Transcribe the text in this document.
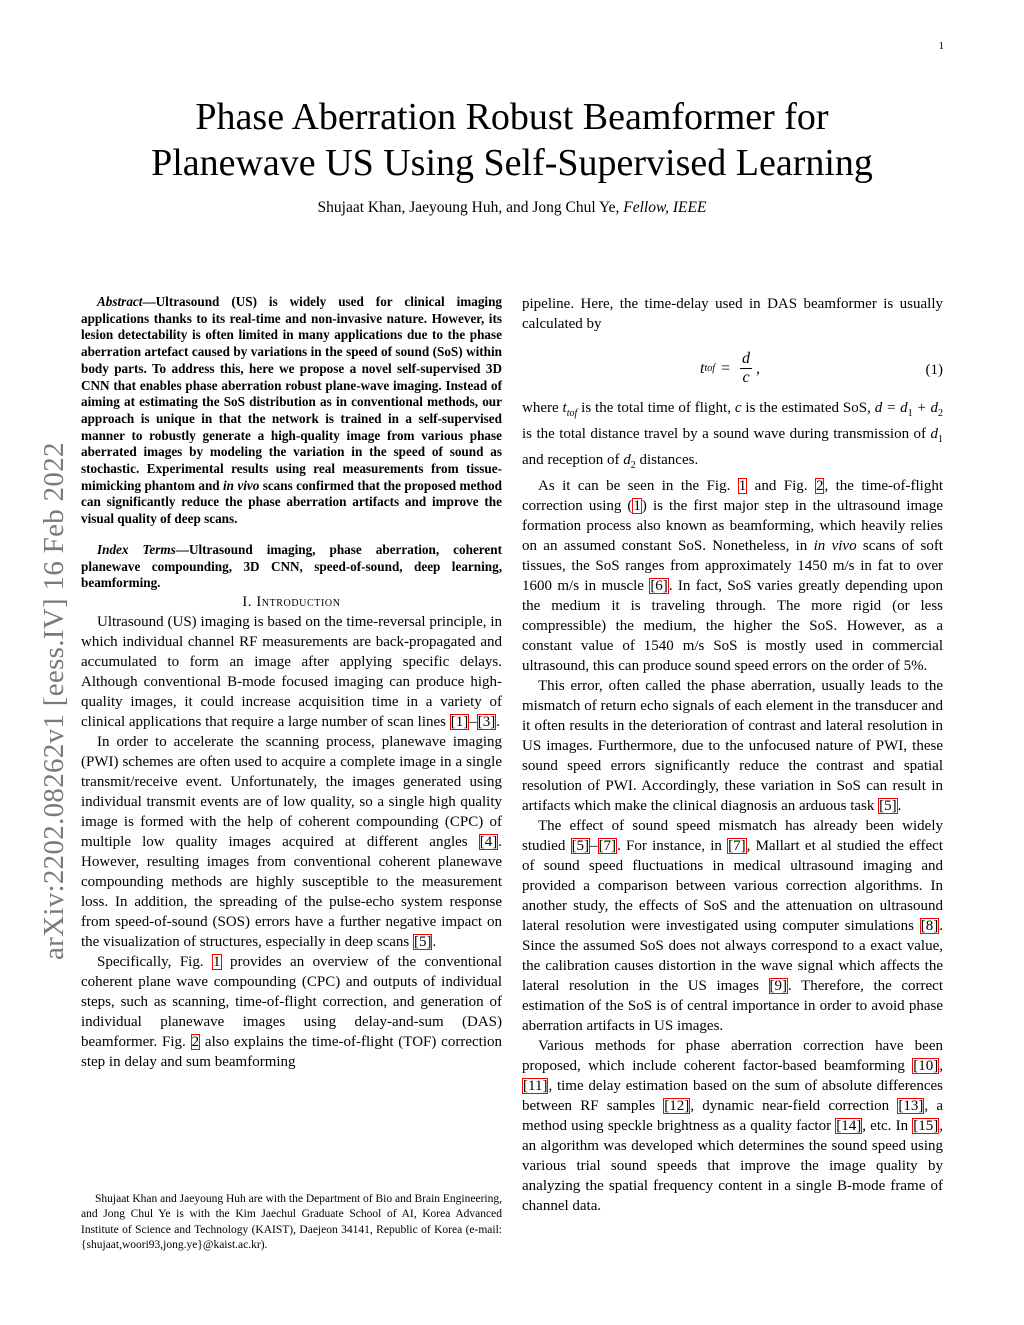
1
arXiv:2202.08262v1 [eess.IV] 16 Feb 2022
Phase Aberration Robust Beamformer for
Planewave US Using Self-Supervised Learning
Shujaat Khan, Jaeyoung Huh, and Jong Chul Ye, Fellow, IEEE

Abstract—Ultrasound (US) is widely used for clinical imaging applications thanks to its real-time and non-invasive nature. However, its lesion detectability is often limited in many applications due to the phase aberration artefact caused by variations in the speed of sound (SoS) within body parts. To address this, here we propose a novel self-supervised 3D CNN that enables phase aberration robust plane-wave imaging. Instead of aiming at estimating the SoS distribution as in conventional methods, our approach is unique in that the network is trained in a self-supervised manner to robustly generate a high-quality image from various phase aberrated images by modeling the variation in the speed of sound as stochastic. Experimental results using real measurements from tissue-mimicking phantom and in vivo scans confirmed that the proposed method can significantly reduce the phase aberration artifacts and improve the visual quality of deep scans.

Index Terms—Ultrasound imaging, phase aberration, coherent planewave compounding, 3D CNN, speed-of-sound, deep learning, beamforming.

I. Introduction

Ultrasound (US) imaging is based on the time-reversal principle, in which individual channel RF measurements are back-propagated and accumulated to form an image after applying specific delays. Although conventional B-mode focused imaging can produce high-quality images, it could increase acquisition time in a variety of clinical applications that require a large number of scan lines [1]–[3].

In order to accelerate the scanning process, planewave imaging (PWI) schemes are often used to acquire a complete image in a single transmit/receive event. Unfortunately, the images generated using individual transmit events are of low quality, so a single high quality image is formed with the help of coherent compounding (CPC) of multiple low quality images acquired at different angles [4]. However, resulting images from conventional coherent planewave compounding methods are highly susceptible to the measurement loss. In addition, the spreading of the pulse-echo system response from speed-of-sound (SOS) errors have a further negative impact on the visualization of structures, especially in deep scans [5].

Specifically, Fig. 1 provides an overview of the conventional coherent plane wave compounding (CPC) and outputs of individual steps, such as scanning, time-of-flight correction, and generation of individual planewave images using delay-and-sum (DAS) beamformer. Fig. 2 also explains the time-of-flight (TOF) correction step in delay and sum beamforming

Shujaat Khan and Jaeyoung Huh are with the Department of Bio and Brain Engineering, and Jong Chul Ye is with the Kim Jaechul Graduate School of AI, Korea Advanced Institute of Science and Technology (KAIST), Daejeon 34141, Republic of Korea (e-mail:{shujaat,woori93,jong.ye}@kaist.ac.kr).

pipeline. Here, the time-delay used in DAS beamformer is usually calculated by

t tof = $\frac{d}{c}$ ,	(1)

where $t_{tof}$ is the total time of flight, c is the estimated SoS, $d = d_1 + d_2$ is the total distance travel by a sound wave during transmission of $d_1$ and reception of $d_2$ distances.

As it can be seen in the Fig. 1 and Fig. 2, the time-of-flight correction using (1) is the first major step in the ultrasound image formation process also known as beamforming, which heavily relies on an assumed constant SoS. Nonetheless, in in vivo scans of soft tissues, the SoS ranges from approximately 1450 m/s in fat to over 1600 m/s in muscle [6]. In fact, SoS varies greatly depending upon the medium it is traveling through. The more rigid (or less compressible) the medium, the higher the SoS. However, as a constant value of 1540 m/s SoS is mostly used in commercial ultrasound, this can produce sound speed errors on the order of 5%.

This error, often called the phase aberration, usually leads to the mismatch of return echo signals of each element in the transducer and it often results in the deterioration of contrast and lateral resolution in US images. Furthermore, due to the unfocused nature of PWI, these sound speed errors significantly reduce the contrast and spatial resolution of PWI. Accordingly, these variation in SoS can result in artifacts which make the clinical diagnosis an arduous task [5].

The effect of sound speed mismatch has already been widely studied [5]–[7]. For instance, in [7], Mallart et al studied the effect of sound speed fluctuations in medical ultrasound imaging and provided a comparison between various correction algorithms. In another study, the effects of SoS and the attenuation on ultrasound lateral resolution were investigated using computer simulations [8]. Since the assumed SoS does not always correspond to a exact value, the calibration causes distortion in the wave signal which affects the lateral resolution in the US images [9]. Therefore, the correct estimation of the SoS is of central importance in order to avoid phase aberration artifacts in US images.

Various methods for phase aberration correction have been proposed, which include coherent factor-based beamforming [10], [11], time delay estimation based on the sum of absolute differences between RF samples [12], dynamic near-field correction [13], a method using speckle brightness as a quality factor [14], etc. In [15], an algorithm was developed which determines the sound speed using various trial sound speeds that improve the image quality by analyzing the spatial frequency content in a single B-mode frame of channel data.
